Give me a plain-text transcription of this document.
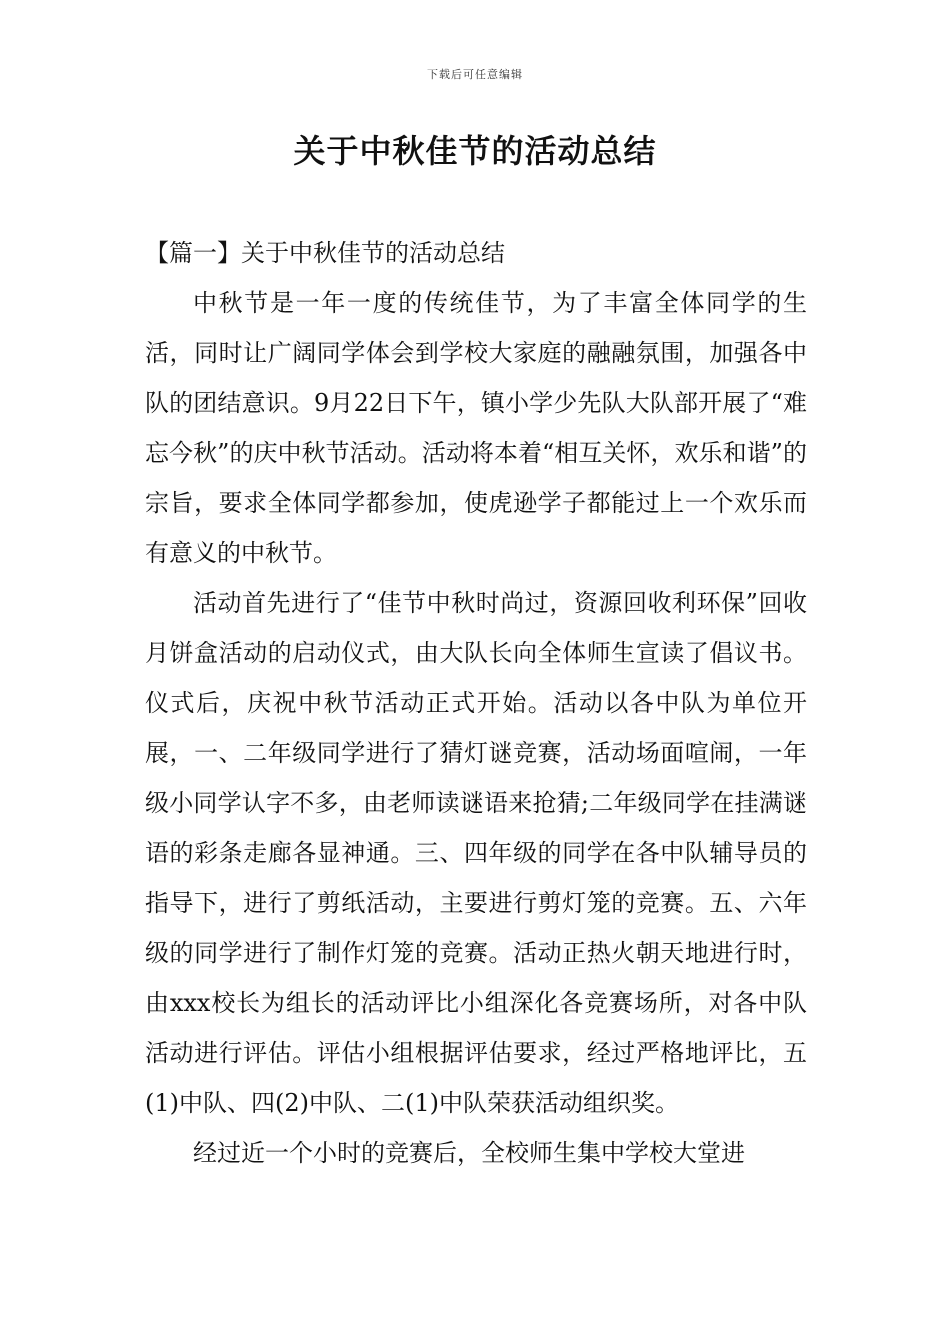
下载后可任意编辑
关于中秋佳节的活动总结

【篇一】关于中秋佳节的活动总结

中秋节是一年一度的传统佳节，为了丰富全体同学的生活，同时让广阔同学体会到学校大家庭的融融氛围，加强各中队的团结意识。9月22日下午，镇小学少先队大队部开展了“难忘今秋”的庆中秋节活动。活动将本着“相互关怀，欢乐和谐”的宗旨，要求全体同学都参加，使虎逊学子都能过上一个欢乐而有意义的中秋节。

活动首先进行了“佳节中秋时尚过，资源回收利环保”回收月饼盒活动的启动仪式，由大队长向全体师生宣读了倡议书。仪式后，庆祝中秋节活动正式开始。活动以各中队为单位开展，一、二年级同学进行了猜灯谜竞赛，活动场面喧闹，一年级小同学认字不多，由老师读谜语来抢猜;二年级同学在挂满谜语的彩条走廊各显神通。三、四年级的同学在各中队辅导员的指导下，进行了剪纸活动，主要进行剪灯笼的竞赛。五、六年级的同学进行了制作灯笼的竞赛。活动正热火朝天地进行时，由xxx校长为组长的活动评比小组深化各竞赛场所，对各中队活动进行评估。评估小组根据评估要求，经过严格地评比，五(1)中队、四(2)中队、二(1)中队荣获活动组织奖。

经过近一个小时的竞赛后，全校师生集中学校大堂进
